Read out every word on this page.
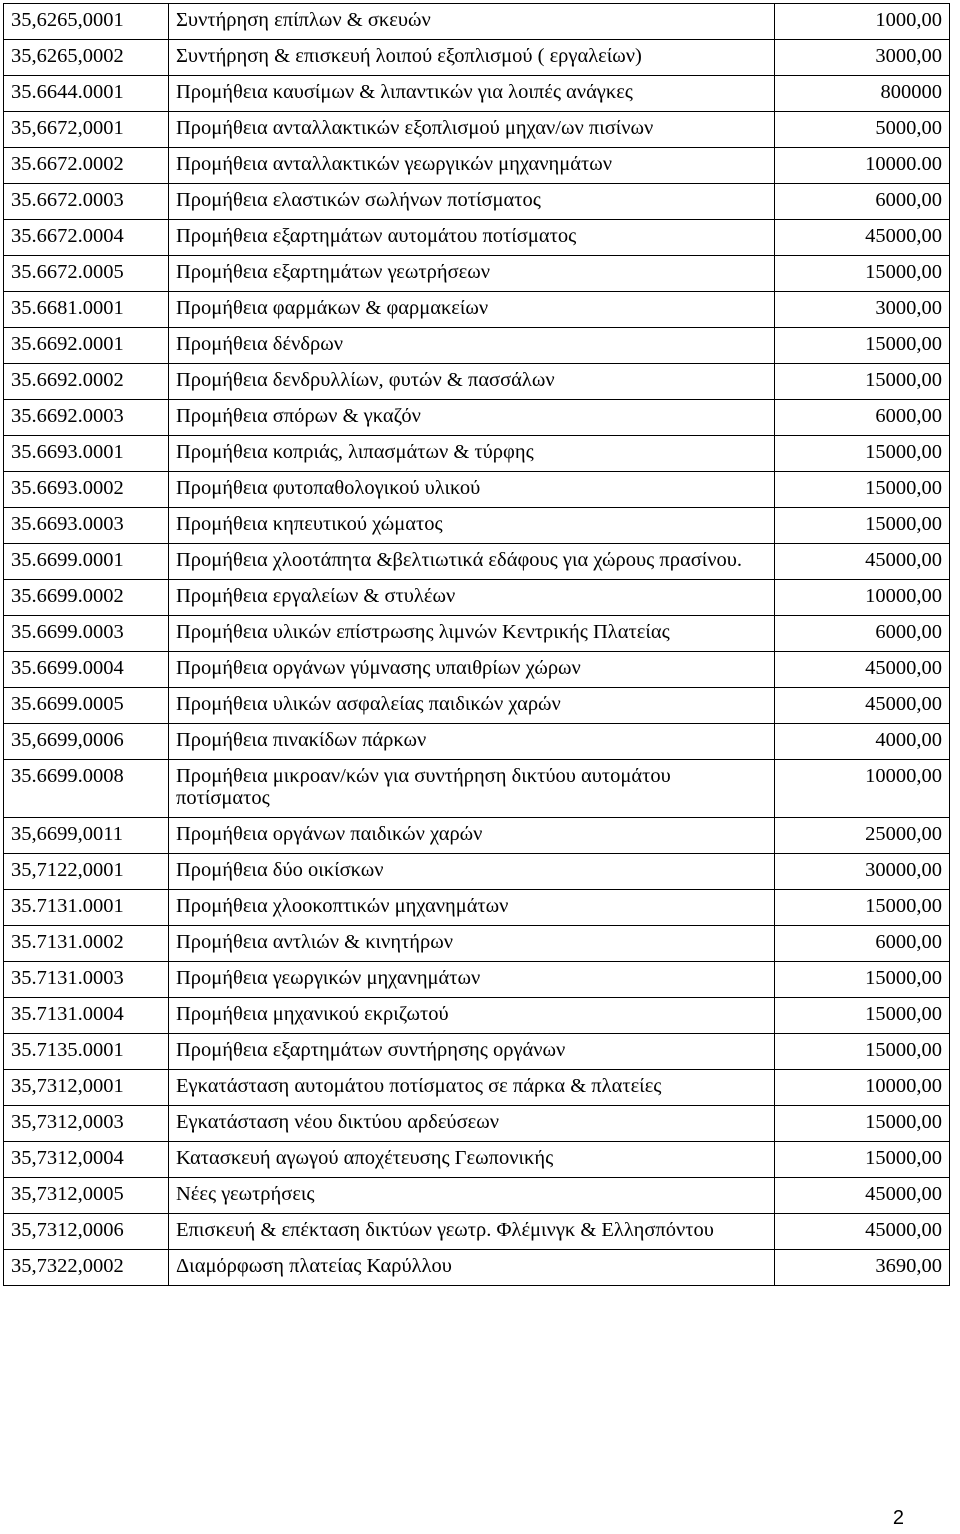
35,6265,0001	Συντήρηση επίπλων & σκευών	1000,00
35,6265,0002	Συντήρηση & επισκευή λοιπού εξοπλισμού ( εργαλείων)	3000,00
35.6644.0001	Προμήθεια καυσίμων & λιπαντικών για λοιπές ανάγκες	800000
35,6672,0001	Προμήθεια ανταλλακτικών εξοπλισμού μηχαν/ων πισίνων	5000,00
35.6672.0002	Προμήθεια ανταλλακτικών γεωργικών μηχανημάτων	10000.00
35.6672.0003	Προμήθεια ελαστικών σωλήνων ποτίσματος	6000,00
35.6672.0004	Προμήθεια εξαρτημάτων αυτομάτου ποτίσματος	45000,00
35.6672.0005	Προμήθεια εξαρτημάτων γεωτρήσεων	15000,00
35.6681.0001	Προμήθεια φαρμάκων & φαρμακείων	3000,00
35.6692.0001	Προμήθεια δένδρων	15000,00
35.6692.0002	Προμήθεια δενδρυλλίων, φυτών & πασσάλων	15000,00
35.6692.0003	Προμήθεια σπόρων & γκαζόν	6000,00
35.6693.0001	Προμήθεια κοπριάς, λιπασμάτων & τύρφης	15000,00
35.6693.0002	Προμήθεια φυτοπαθολογικού υλικού	15000,00
35.6693.0003	Προμήθεια κηπευτικού χώματος	15000,00
35.6699.0001	Προμήθεια χλοοτάπητα &βελτιωτικά εδάφους για χώρους πρασίνου.	45000,00
35.6699.0002	Προμήθεια εργαλείων & στυλέων	10000,00
35.6699.0003	Προμήθεια υλικών επίστρωσης λιμνών Κεντρικής Πλατείας	6000,00
35.6699.0004	Προμήθεια οργάνων γύμνασης υπαιθρίων χώρων	45000,00
35.6699.0005	Προμήθεια υλικών ασφαλείας παιδικών χαρών	45000,00
35,6699,0006	Προμήθεια πινακίδων πάρκων	4000,00
35.6699.0008	Προμήθεια μικροαν/κών για συντήρηση δικτύου αυτομάτου ποτίσματος	10000,00
35,6699,0011	Προμήθεια οργάνων παιδικών χαρών	25000,00
35,7122,0001	Προμήθεια δύο οικίσκων	30000,00
35.7131.0001	Προμήθεια χλοοκοπτικών μηχανημάτων	15000,00
35.7131.0002	Προμήθεια αντλιών & κινητήρων	6000,00
35.7131.0003	Προμήθεια γεωργικών μηχανημάτων	15000,00
35.7131.0004	Προμήθεια μηχανικού εκριζωτού	15000,00
35.7135.0001	Προμήθεια εξαρτημάτων συντήρησης οργάνων	15000,00
35,7312,0001	Εγκατάσταση αυτομάτου ποτίσματος σε πάρκα & πλατείες	10000,00
35,7312,0003	Εγκατάσταση νέου δικτύου αρδεύσεων	15000,00
35,7312,0004	Κατασκευή αγωγού αποχέτευσης Γεωπονικής	15000,00
35,7312,0005	Νέες γεωτρήσεις	45000,00
35,7312,0006	Επισκευή & επέκταση δικτύων γεωτρ. Φλέμινγκ & Ελλησπόντου	45000,00
35,7322,0002	Διαμόρφωση πλατείας Καρύλλου	3690,00
2
